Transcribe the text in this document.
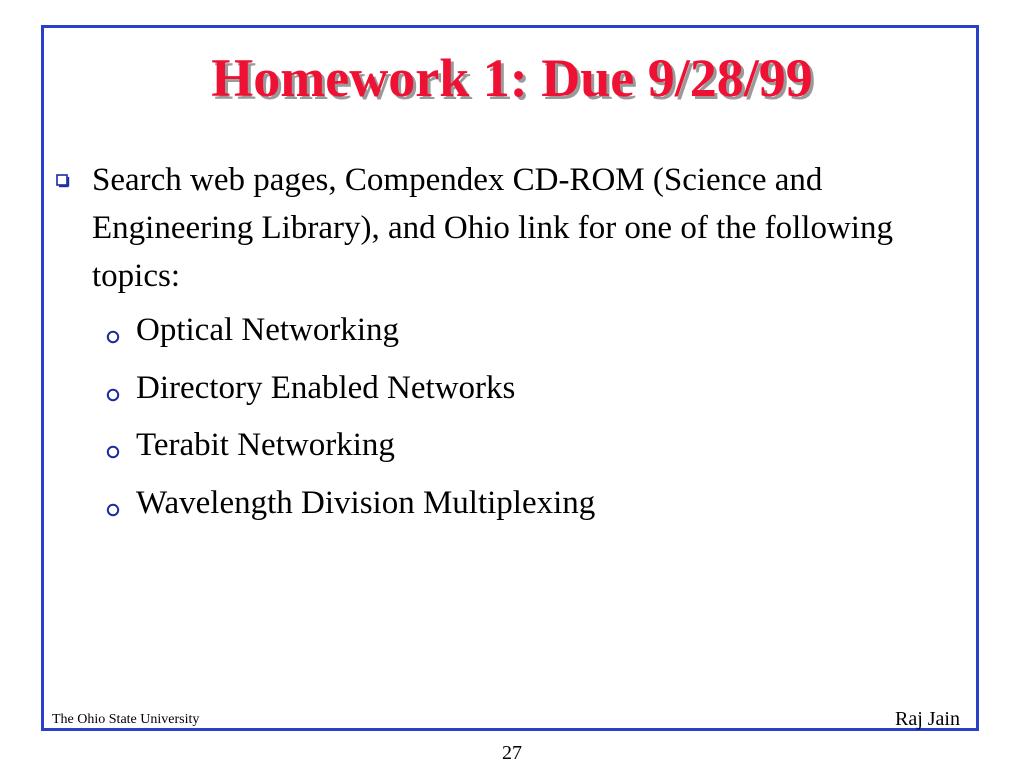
Homework 1: Due 9/28/99

Search web pages, Compendex CD-ROM (Science and Engineering Library), and Ohio link for one of the following topics:

Optical Networking
Directory Enabled Networks
Terabit Networking
Wavelength Division Multiplexing
The Ohio State University	Raj Jain
27
